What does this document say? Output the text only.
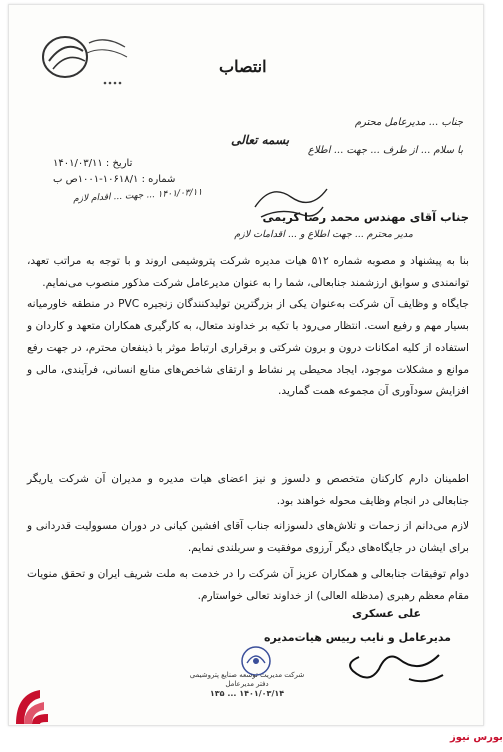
انتصاب
جناب ... مدیرعامل محترم
با سلام ... از طرف ... جهت ... اطلاع
بسمه تعالی
۱۴۰۱/۰۳/۱۱ ... جهت ... اقدام لازم
تاریخ : ۱۴۰۱/۰۳/۱۱
شماره : ۱۰۶۱۸/۱-۱۰۰۱ص ب
جناب آقای مهندس محمد رضا کریمی
مدیر محترم ... جهت اطلاع و ... اقدامات لازم

بنا به پیشنهاد و مصوبه شماره ۵۱۲ هیات مدیره شرکت پتروشیمی اروند و با توجه به مراتب تعهد، توانمندی و سوابق ارزشمند جنابعالی، شما را به عنوان مدیرعامل شرکت مذکور منصوب می‌نمایم.

جایگاه و وظایف آن شرکت به‌عنوان یکی از بزرگترین تولیدکنندگان زنجیره PVC در منطقه خاورمیانه بسیار مهم و رفیع است. انتظار می‌رود با تکیه بر خداوند متعال، به کارگیری همکاران متعهد و کاردان و استفاده از کلیه امکانات درون و برون شرکتی و برقراری ارتباط موثر با ذینفعان محترم، در جهت رفع موانع و مشکلات موجود، ایجاد محیطی پر نشاط و ارتقای شاخص‌های منابع انسانی، فرآیندی، مالی و افزایش سودآوری آن مجموعه همت گمارید.

اطمینان دارم کارکنان متخصص و دلسوز و نیز اعضای هیات مدیره و مدیران آن شرکت یاریگر جنابعالی در انجام وظایف محوله خواهند بود.

لازم می‌دانم از زحمات و تلاش‌های دلسوزانه جناب آقای افشین کیانی در دوران مسوولیت قدردانی و برای ایشان در جایگاه‌های دیگر آرزوی موفقیت و سربلندی نمایم.

دوام توفیقات جنابعالی و همکاران عزیز آن شرکت را در خدمت به ملت شریف ایران و تحقق منویات مقام معظم رهبری (مدظله العالی) از خداوند تعالی خواستارم.

علی عسکری
مدیرعامل و نایب رییس هیات‌مدیره
شرکت مدیریت توسعه صنایع پتروشیمی
دفتر مدیرعامل
۱۴۰۱/۰۳/۱۴ ... ۱۳۵
بورس نیوز
